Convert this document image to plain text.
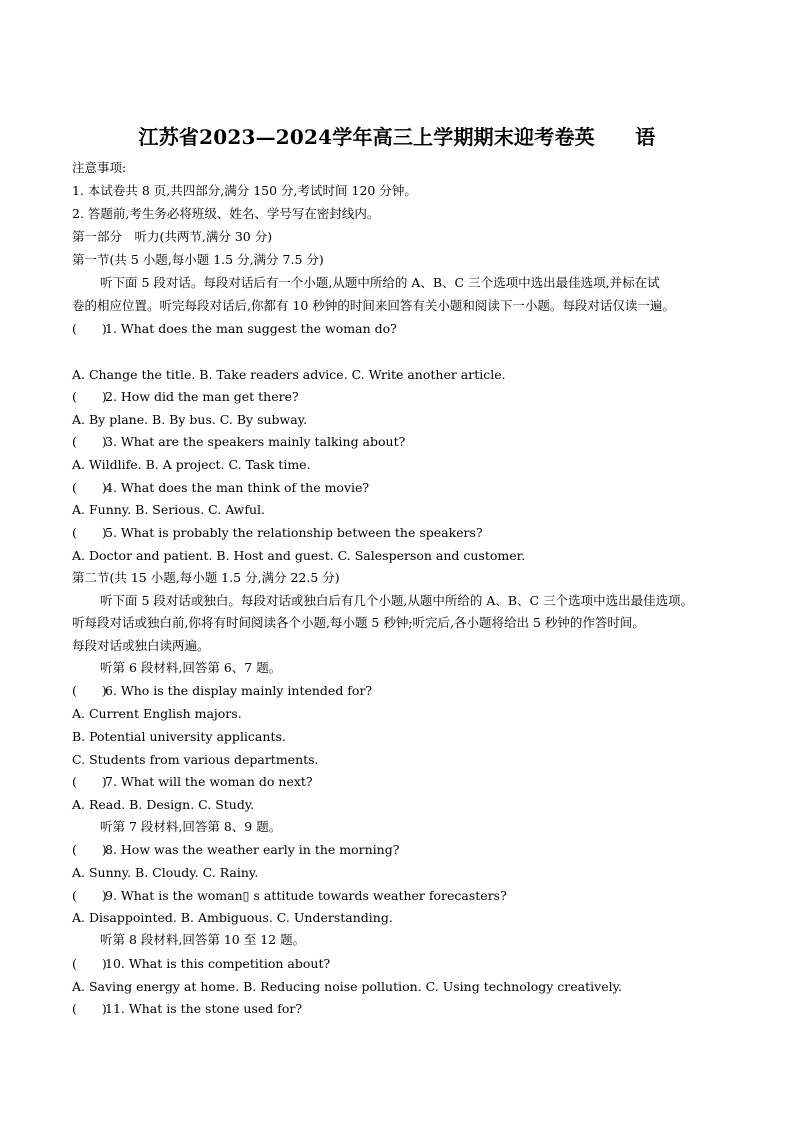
江苏省2023—2024学年高三上学期期末迎考卷英　　语
注意事项:
1. 本试卷共 8 页,共四部分,满分 150 分,考试时间 120 分钟。
2. 答题前,考生务必将班级、姓名、学号写在密封线内。
第一部分　听力(共两节,满分 30 分)
第一节(共 5 小题,每小题 1.5 分,满分 7.5 分)
听下面 5 段对话。每段对话后有一个小题,从题中所给的 A、B、C 三个选项中选出最佳选项,并标在试
卷的相应位置。听完每段对话后,你都有 10 秒钟的时间来回答有关小题和阅读下一小题。每段对话仅读一遍。
(　　)1. What does the man suggest the woman do?
A. Change the title. B. Take readers advice. C. Write another article.
(　　)2. How did the man get there?
A. By plane. B. By bus. C. By subway.
(　　)3. What are the speakers mainly talking about?
A. Wildlife. B. A project. C. Task time.
(　　)4. What does the man think of the movie?
A. Funny. B. Serious. C. Awful.
(　　)5. What is probably the relationship between the speakers?
A. Doctor and patient. B. Host and guest. C. Salesperson and customer.
第二节(共 15 小题,每小题 1.5 分,满分 22.5 分)
听下面 5 段对话或独白。每段对话或独白后有几个小题,从题中所给的 A、B、C 三个选项中选出最佳选项。
听每段对话或独白前,你将有时间阅读各个小题,每小题 5 秒钟;听完后,各小题将给出 5 秒钟的作答时间。
每段对话或独白读两遍。
听第 6 段材料,回答第 6、7 题。
(　　)6. Who is the display mainly intended for?
A. Current English majors.
B. Potential university applicants.
C. Students from various departments.
(　　)7. What will the woman do next?
A. Read. B. Design. C. Study.
听第 7 段材料,回答第 8、9 题。
(　　)8. How was the weather early in the morning?
A. Sunny. B. Cloudy. C. Rainy.
(　　)9. What is the woman▯ s attitude towards weather forecasters?
A. Disappointed. B. Ambiguous. C. Understanding.
听第 8 段材料,回答第 10 至 12 题。
(　　)10. What is this competition about?
A. Saving energy at home. B. Reducing noise pollution. C. Using technology creatively.
(　　)11. What is the stone used for?
